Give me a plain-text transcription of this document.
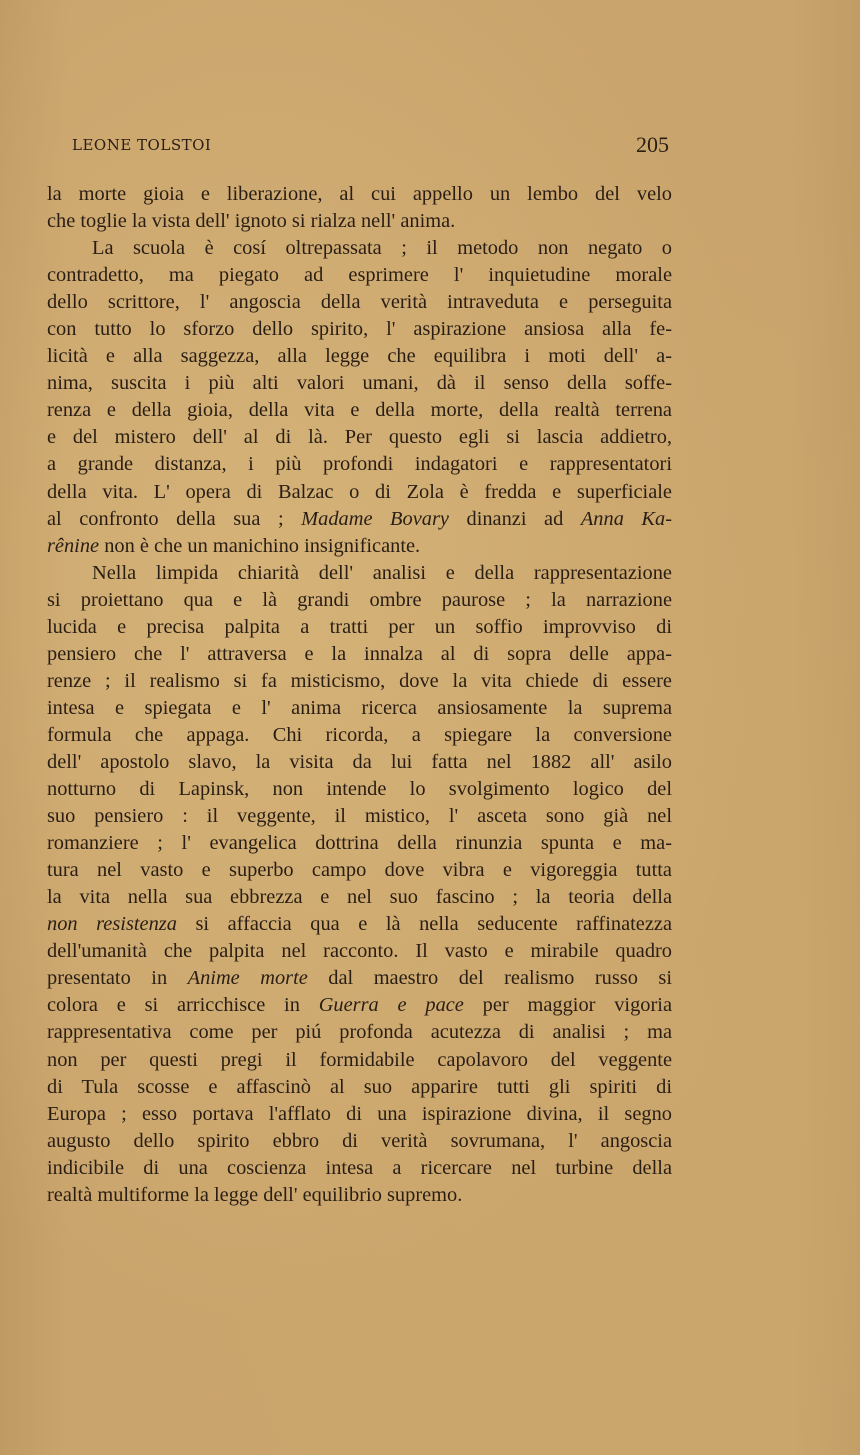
LEONE TOLSTOI	205
la morte gioia e liberazione, al cui appello un lembo del velo
che toglie la vista dell' ignoto si rialza nell' anima.
La scuola è cosí oltrepassata ; il metodo non negato o
contradetto, ma piegato ad esprimere l' inquietudine morale
dello scrittore, l' angoscia della verità intraveduta e perseguita
con tutto lo sforzo dello spirito, l' aspirazione ansiosa alla fe-
licità e alla saggezza, alla legge che equilibra i moti dell' a-
nima, suscita i più alti valori umani, dà il senso della soffe-
renza e della gioia, della vita e della morte, della realtà terrena
e del mistero dell' al di là. Per questo egli si lascia addietro,
a grande distanza, i più profondi indagatori e rappresentatori
della vita. L' opera di Balzac o di Zola è fredda e superficiale
al confronto della sua ; Madame Bovary dinanzi ad Anna Ka-
rênine non è che un manichino insignificante.
Nella limpida chiarità dell' analisi e della rappresentazione
si proiettano qua e là grandi ombre paurose ; la narrazione
lucida e precisa palpita a tratti per un soffio improvviso di
pensiero che l' attraversa e la innalza al di sopra delle appa-
renze ; il realismo si fa misticismo, dove la vita chiede di essere
intesa e spiegata e l' anima ricerca ansiosamente la suprema
formula che appaga. Chi ricorda, a spiegare la conversione
dell' apostolo slavo, la visita da lui fatta nel 1882 all' asilo
notturno di Lapinsk, non intende lo svolgimento logico del
suo pensiero : il veggente, il mistico, l' asceta sono già nel
romanziere ; l' evangelica dottrina della rinunzia spunta e ma-
tura nel vasto e superbo campo dove vibra e vigoreggia tutta
la vita nella sua ebbrezza e nel suo fascino ; la teoria della
non resistenza si affaccia qua e là nella seducente raffinatezza
dell'umanità che palpita nel racconto. Il vasto e mirabile quadro
presentato in Anime morte dal maestro del realismo russo si
colora e si arricchisce in Guerra e pace per maggior vigoria
rappresentativa come per piú profonda acutezza di analisi ; ma
non per questi pregi il formidabile capolavoro del veggente
di Tula scosse e affascinò al suo apparire tutti gli spiriti di
Europa ; esso portava l'afflato di una ispirazione divina, il segno
augusto dello spirito ebbro di verità sovrumana, l' angoscia
indicibile di una coscienza intesa a ricercare nel turbine della
realtà multiforme la legge dell' equilibrio supremo.
